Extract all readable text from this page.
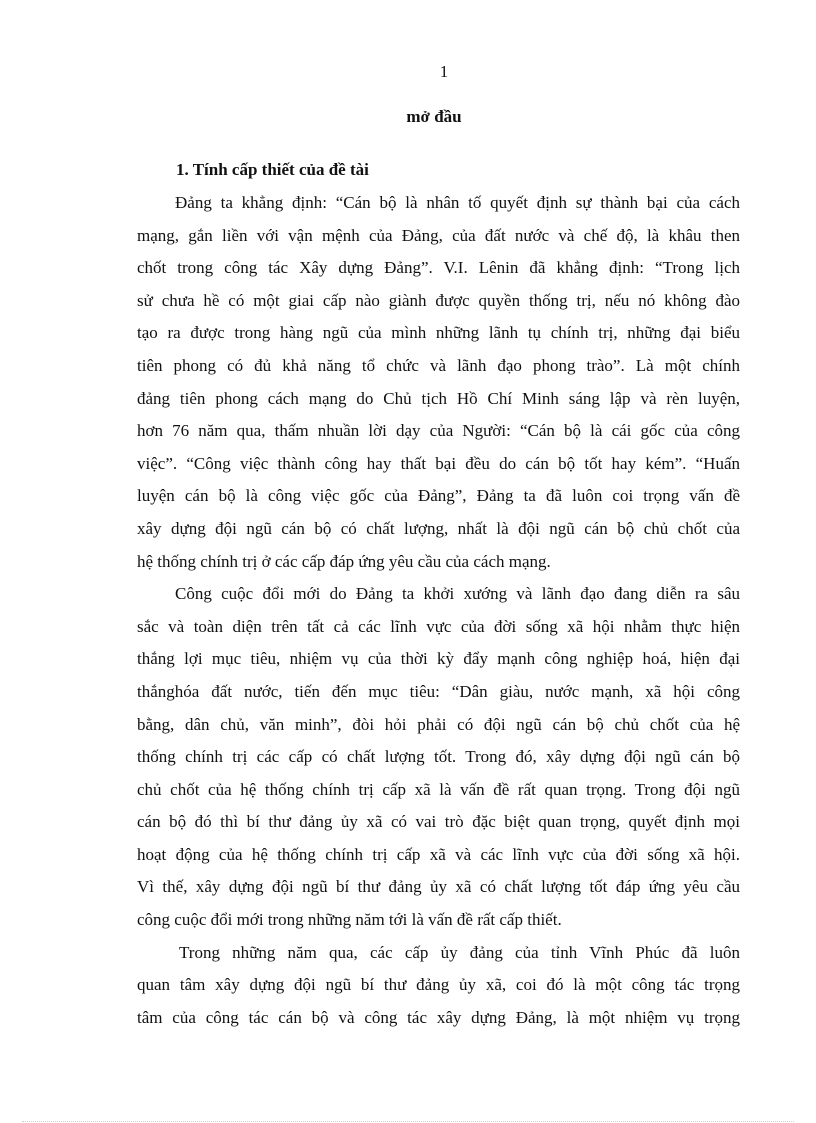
1
mở đầu
1. Tính cấp thiết của đề tài
Đảng ta khẳng định: “Cán bộ là nhân tố quyết định sự thành bại của cách
mạng, gắn liền với vận mệnh của Đảng, của đất nước và chế độ, là khâu then
chốt trong công tác Xây dựng Đảng”. V.I. Lênin đã khẳng định: “Trong lịch
sử chưa hề có một giai cấp nào giành được quyền thống trị, nếu nó không đào
tạo ra được trong hàng ngũ của mình những lãnh tụ chính trị, những đại biểu
tiên phong có đủ khả năng tổ chức và lãnh đạo phong trào”. Là một chính
đảng tiên phong cách mạng do Chủ tịch Hồ Chí Minh sáng lập và rèn luyện,
hơn 76 năm qua, thấm nhuần lời dạy của Người: “Cán bộ là cái gốc của công
việc”. “Công việc thành công hay thất bại đều do cán bộ tốt hay kém”. “Huấn
luyện cán bộ là công việc gốc của Đảng”, Đảng ta đã luôn coi trọng vấn đề
xây dựng đội ngũ cán bộ có chất lượng, nhất là đội ngũ cán bộ chủ chốt của
hệ thống chính trị ở các cấp đáp ứng yêu cầu của cách mạng.
Công cuộc đổi mới do Đảng ta khởi xướng và lãnh đạo đang diễn ra sâu
sắc và toàn diện trên tất cả các lĩnh vực của đời sống xã hội nhằm thực hiện
thắng lợi mục tiêu, nhiệm vụ của thời kỳ đẩy mạnh công nghiệp hoá, hiện đại
thắnghóa đất nước, tiến đến mục tiêu: “Dân giàu, nước mạnh, xã hội công
bằng, dân chủ, văn minh”, đòi hỏi phải có đội ngũ cán bộ chủ chốt của hệ
thống chính trị các cấp có chất lượng tốt. Trong đó, xây dựng đội ngũ cán bộ
chủ chốt của hệ thống chính trị cấp xã là vấn đề rất quan trọng. Trong đội ngũ
cán bộ đó thì bí thư đảng ủy xã có vai trò đặc biệt quan trọng, quyết định mọi
hoạt động của hệ thống chính trị cấp xã và các lĩnh vực của đời sống xã hội.
Vì thế, xây dựng đội ngũ bí thư đảng ủy xã có chất lượng tốt đáp ứng yêu cầu
công cuộc đổi mới trong những năm tới là vấn đề rất cấp thiết.
Trong những năm qua, các cấp ủy đảng của tỉnh Vĩnh Phúc đã luôn
quan tâm xây dựng đội ngũ bí thư đảng ủy xã, coi đó là một công tác trọng
tâm của công tác cán bộ và công tác xây dựng Đảng, là một nhiệm vụ trọng
